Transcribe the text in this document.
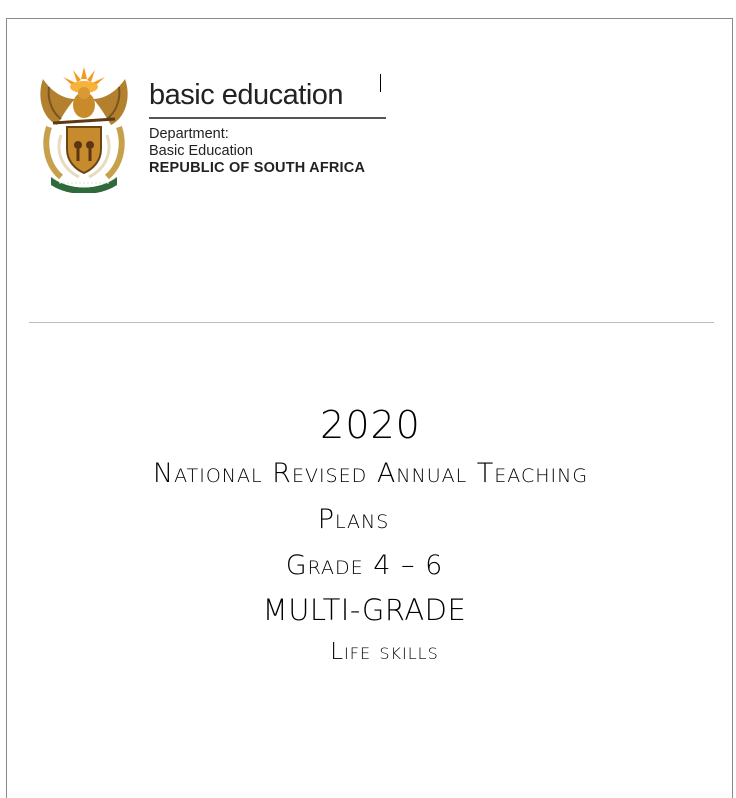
basic education
Department:
Basic Education
REPUBLIC OF SOUTH AFRICA
2020
National Revised Annual Teaching
Plans
Grade 4 – 6
MULTI-GRADE
Life skills
